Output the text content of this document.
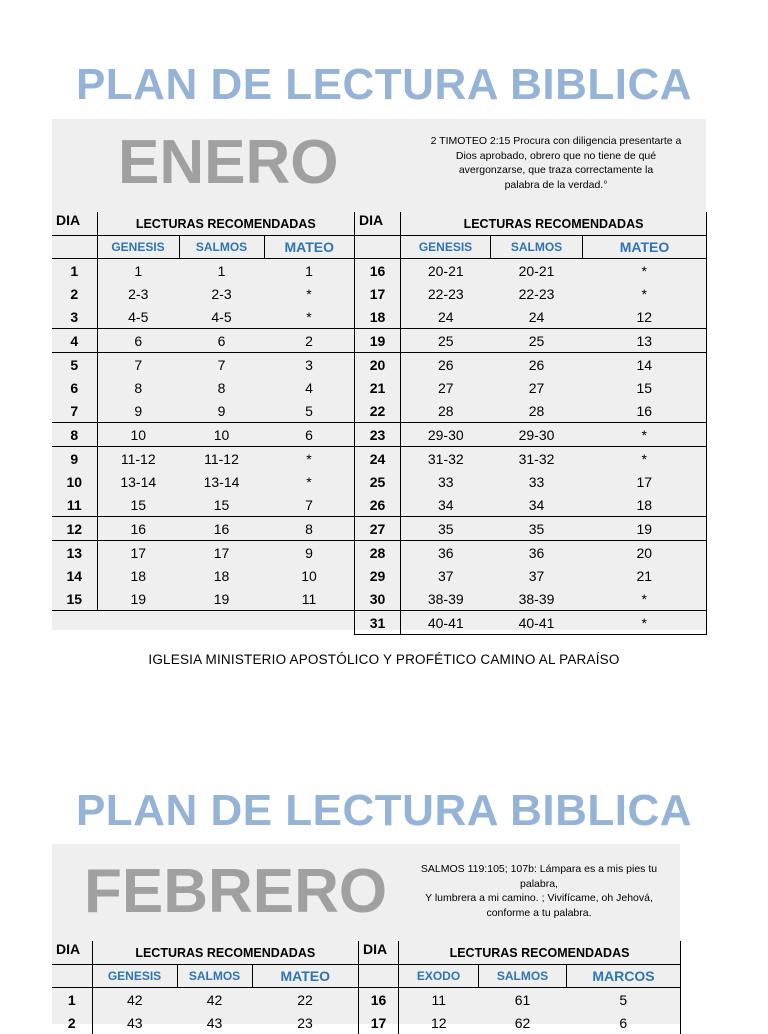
PLAN DE LECTURA BIBLICA
ENERO	2 TIMOTEO 2:15 Procura con diligencia presentarte a
Dios aprobado, obrero que no tiene de qué
avergonzarse, que traza correctamente la
palabra de la verdad.°
DIA	LECTURAS RECOMENDADAS		
	GENESIS	SALMOS	MATEO
1	1	1	1
2	2-3	2-3	*
3	4-5	4-5	*
4	6	6	2
5	7	7	3
6	8	8	4
7	9	9	5
8	10	10	6
9	11-12	11-12	*
10	13-14	13-14	*
11	15	15	7
12	16	16	8
13	17	17	9
14	18	18	10
15	19	19	11
DIA	LECTURAS RECOMENDADAS		
	GENESIS	SALMOS	MATEO
16	20-21	20-21	*
17	22-23	22-23	*
18	24	24	12
19	25	25	13
20	26	26	14
21	27	27	15
22	28	28	16
23	29-30	29-30	*
24	31-32	31-32	*
25	33	33	17
26	34	34	18
27	35	35	19
28	36	36	20
29	37	37	21
30	38-39	38-39	*
31	40-41	40-41	*
IGLESIA MINISTERIO APOSTÓLICO Y PROFÉTICO CAMINO AL PARAÍSO
PLAN DE LECTURA BIBLICA
FEBRERO	SALMOS 119:105; 107b: Lámpara es a mis pies tu
palabra,
Y lumbrera a mi camino. ; Vivifícame, oh Jehová,
conforme a tu palabra.
DIA	LECTURAS RECOMENDADAS		
	GENESIS	SALMOS	MATEO
1	42	42	22
2	43	43	23
DIA	LECTURAS RECOMENDADAS		
	EXODO	SALMOS	MARCOS
16	11	61	5
17	12	62	6
